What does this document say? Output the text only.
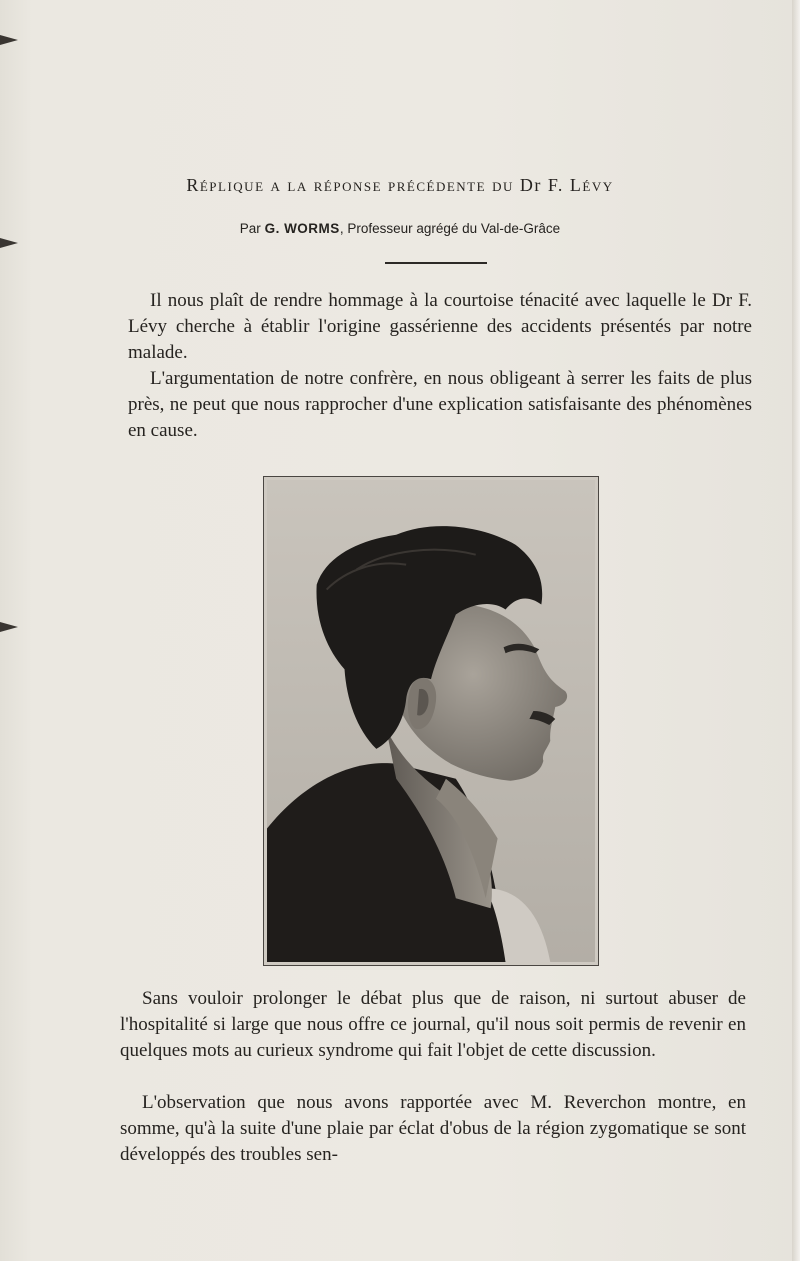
Réplique a la réponse précédente du Dr F. Lévy
Par G. WORMS, Professeur agrégé du Val-de-Grâce

Il nous plaît de rendre hommage à la courtoise ténacité avec laquelle le Dr F. Lévy cherche à établir l'origine gassérienne des accidents présentés par notre malade.

L'argumentation de notre confrère, en nous obligeant à serrer les faits de plus près, ne peut que nous rapprocher d'une explication satisfaisante des phénomènes en cause.

Sans vouloir prolonger le débat plus que de raison, ni surtout abuser de l'hospitalité si large que nous offre ce journal, qu'il nous soit permis de revenir en quelques mots au curieux syndrome qui fait l'objet de cette discussion.

L'observation que nous avons rapportée avec M. Reverchon montre, en somme, qu'à la suite d'une plaie par éclat d'obus de la région zygomatique se sont développés des troubles sen-
